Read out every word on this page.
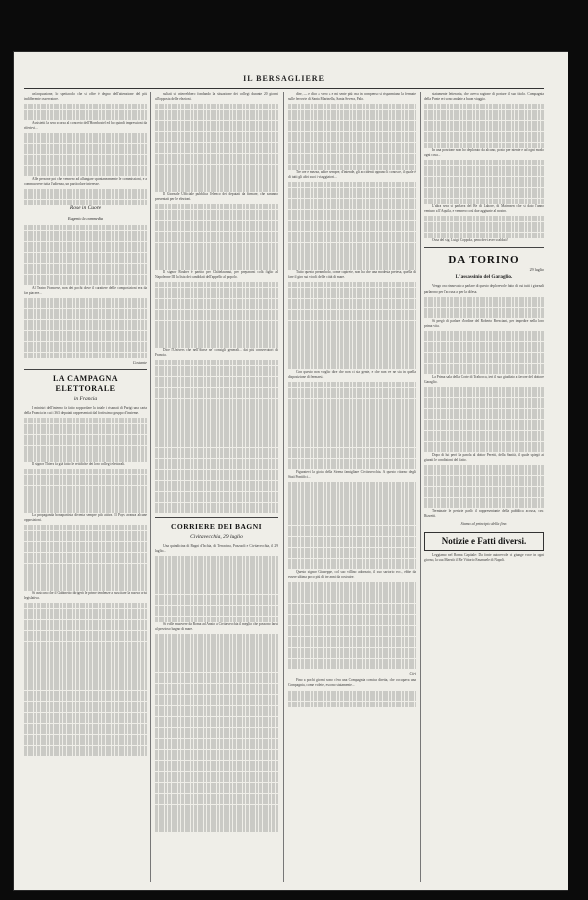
IL BERSAGLIERE

un'acquazione, lo spettacolo che si offre è degno dell'attenzione del più indifferente osservatore.

Assistetti la sera scorsa al concerto dell'Hornbostel ed ho quindi impressioni da riferirvi...

Alle persone poi che vennero ad allungare spontaneamente le commissioni, e a commuovere tutta l'udienza, un particolare interesse.

Rose in Cuore
Eugenio la commedia

Al Teatro Francese, non dei pochi dove il carattere delle composizioni era da far piacere...

Costante
LA CAMPAGNA ELETTORALE
in Francia

I ministri dell'interno fa fatto soppordare la totale i risanati di Parigi una carta della Francia in cui i 363 deputati rappresentati dal fortissimo gruppo d'insieme.

Il signor Thiers fa già fatto le rettifiche dei loro collegi elettorali.

La propaganda bonapartista diventa sempre più attiva. Il Pays avanza alcune opposizioni.

Si assicura che il Gabinetto dirigerà le prime tendenze a suscitare la nuova crisi legislativa.

sultati si otterrebbero fondando la situazione dei collegi durante 20 giorni all'opposta delle elezioni.

Il Giornale Ufficiale pubblica l'elenco dei deputati da firmare, che saranno presentati per le elezioni.

Il signor Rouher è partito per Châtelauraut, per prepararsi colà figlio al Napoleone III la lista dei candidati dell'appello al popolo.

Dice l'Univers che nell'Ainse ne' consigli generali... dai più conservatori di Francia.

CORRIERE DEI BAGNI
Civitavecchia, 29 luglio

Una quindicina di Bagni d'Ischia, di Terracina, Pozzuoli e Civitavecchia, il 29 luglio...

Si volle muovere da Roma ad Anzio a Civitavecchia il meglio che possono farsi al prezioso bagno di mare.

dire, — e dico « vero » e mi sente più: ma in compenso si risparmiano la fermate sulle ferrovie di Santa Marinella, Santa Severa, Palo.

Tre ore e mezza, adire sempre, d'intende, gli accidenti ognuno li conosce, il quale è di tutti gli altri suoi i viaggiatori...

Tutto questo preambolo, come capirete, non ha che una modesta pretesa, quella di fare il giro sui vicoli delle città di mare.

Con questo non voglio dire che non ci sia gente, e che non ve ne sia in quella disposizione di fermarsi.

Figuratevi la gioia della Sirena famigliare Civitavecchia. A questo ritorno degli Stati Pontifici...

Questo signor Giuseppe, col suo villino adornato, il suo sartorio ecc., ebbe da essere ultima poco più di tre anni da costruire.

Ciri

Fino a pochi giorni sono c'era una Compagnia comica diretta, che occupava una Compagnia, come volete, escono statamente...

statamente letteraria, che aveva ragione di portare il suo titolo. Compagnia della Ponte eri sono andate a buon viaggio.

In una porzione non ho deplorato da alcuno, posto per niente e ad ogni modo ogni cosa...

L'altra sera si parlava del Re di Lahore, di Mairnsen che si dato l'anno venturo a ll'Aquila, e vennero così due aggiunte al nostro.

Ossa del sig. Luigi Coppola, pena devi aver scaldati!

DA TORINO
29 luglio
L'assassinio del Garaglio.

Vengo ora rinnovato a parlare di questo deplorevole fatto di cui tutti i giornali parlarono per l'accusa a per la difesa.

Si pregò di parlare d'ordine del Roberto Bresciani, per impedire nella loro prima vita.

La Prima sala della Corte di Trabocca, ieri il suo giudizio a favore del dottore Garaglio.

Dopo di lui però la parola al dottor Peretti, della Sanità, il quale spiegò ai giurati le condizioni del fatto.

Terminate le perizie parlò il rappresentante della pubblica accusa, cav. Rizzetti.

Siamo al principio della fine.
Notizie e Fatti diversi.

Leggiamo nel Roma Capitale: Da fonte autorevole ci giunge voce in ogni giorno, la sua Maestà il Re Vittorio Emanuele di Napoli.
